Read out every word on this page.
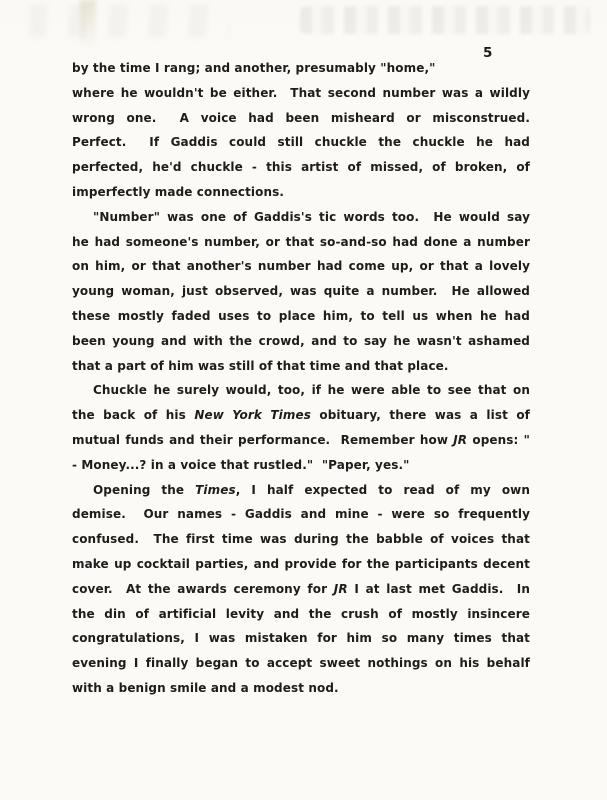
5
by the time I rang; and another, presumably "home,"
where he wouldn't be either.  That second number was a wildly
wrong one.  A voice had been misheard or misconstrued.
Perfect.  If Gaddis could still chuckle the chuckle he had
perfected, he'd chuckle - this artist of missed, of broken, of
imperfectly made connections.
"Number" was one of Gaddis's tic words too.  He would say
he had someone's number, or that so-and-so had done a number
on him, or that another's number had come up, or that a lovely
young woman, just observed, was quite a number.  He allowed
these mostly faded uses to place him, to tell us when he had
been young and with the crowd, and to say he wasn't ashamed
that a part of him was still of that time and that place.
Chuckle he surely would, too, if he were able to see that on
the back of his New York Times obituary, there was a list of
mutual funds and their performance.  Remember how JR opens: "
- Money...? in a voice that rustled."  "Paper, yes."
Opening the Times, I half expected to read of my own
demise.  Our names - Gaddis and mine - were so frequently
confused.  The first time was during the babble of voices that
make up cocktail parties, and provide for the participants decent
cover.  At the awards ceremony for JR I at last met Gaddis.  In
the din of artificial levity and the crush of mostly insincere
congratulations, I was mistaken for him so many times that
evening I finally began to accept sweet nothings on his behalf
with a benign smile and a modest nod.
